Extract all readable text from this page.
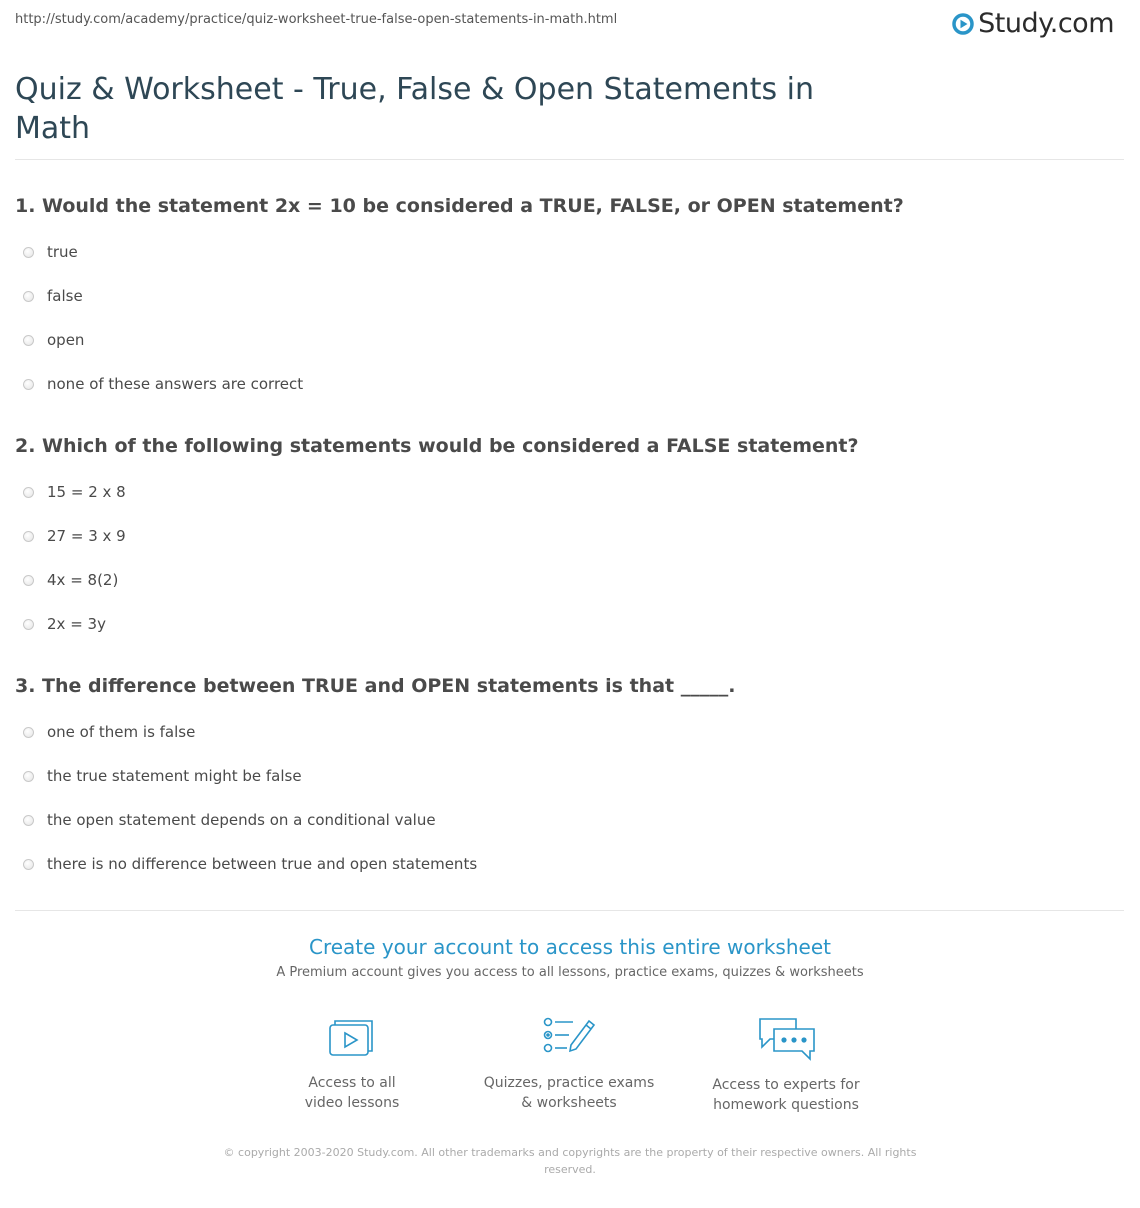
http://study.com/academy/practice/quiz-worksheet-true-false-open-statements-in-math.html	Study.com
Quiz & Worksheet - True, False & Open Statements in Math

1. Would the statement 2x = 10 be considered a TRUE, FALSE, or OPEN statement?

true
false
open
none of these answers are correct

2. Which of the following statements would be considered a FALSE statement?

15 = 2 x 8
27 = 3 x 9
4x = 8(2)
2x = 3y

3. The difference between TRUE and OPEN statements is that _____.

one of them is false
the true statement might be false
the open statement depends on a conditional value
there is no difference between true and open statements
Create your account to access this entire worksheet
A Premium account gives you access to all lessons, practice exams, quizzes & worksheets
Access to all
video lessons
Quizzes, practice exams
& worksheets
Access to experts for
homework questions
© copyright 2003-2020 Study.com. All other trademarks and copyrights are the property of their respective owners. All rights reserved.
